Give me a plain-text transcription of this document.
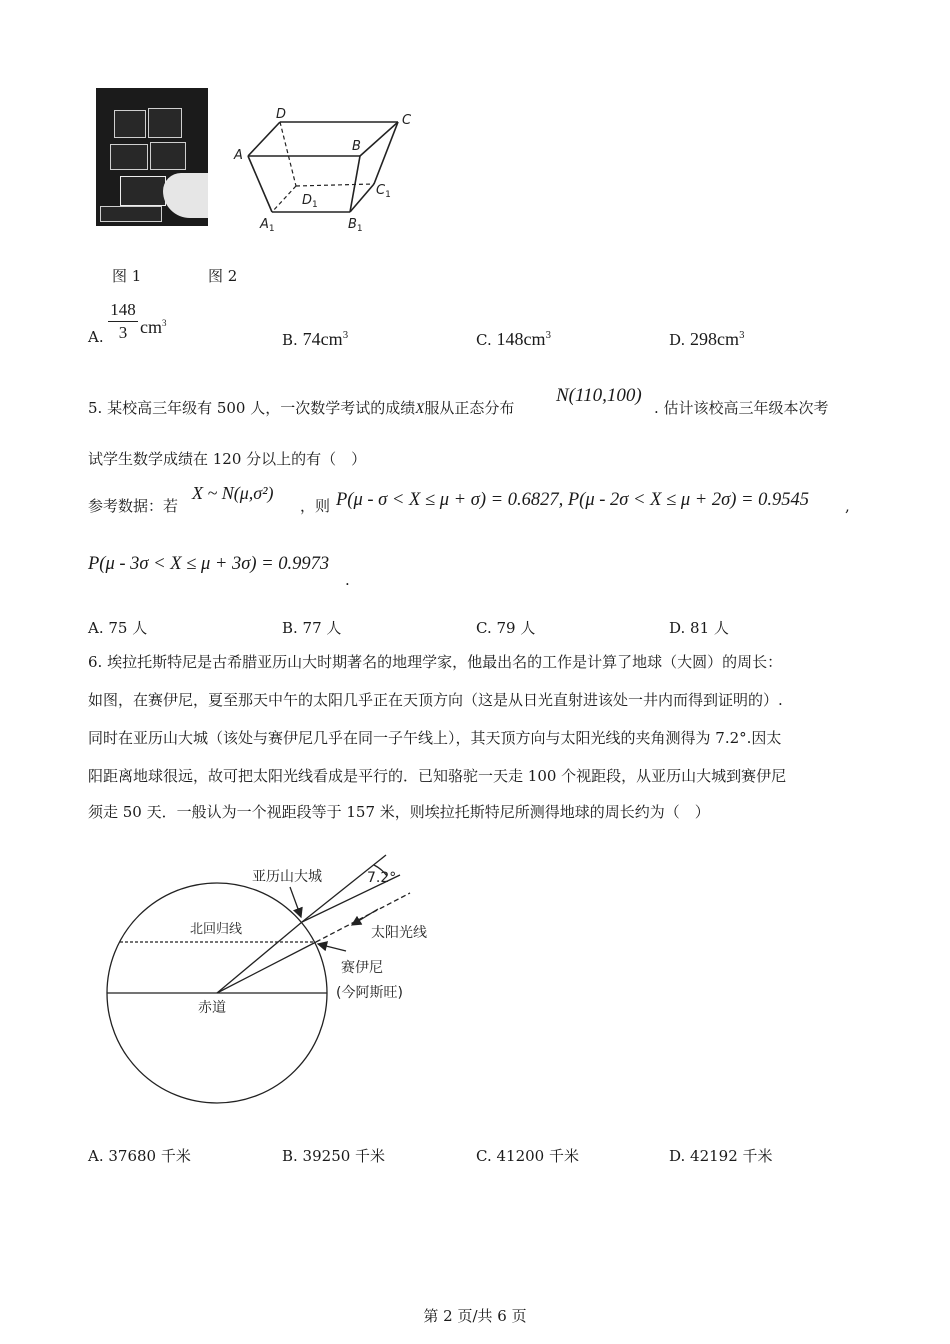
D	C
A
B
$C_1$
$D_1$
$A_1$	$B_1$
图 1	图 2
A.
148
3 $cm^3$
B. $74cm^3$	C. $148cm^3$	D. $298cm^3$
5. 某校高三年级有 500 人，一次数学考试的成绩X服从正态分布
N(110,100)
. 估计该校高三年级本次考
试学生数学成绩在 120 分以上的有（　）
参考数据：若
X ~ N(μ,σ²)
，则 P(μ - σ < X ≤ μ + σ) = 0.6827, P(μ - 2σ < X ≤ μ + 2σ) = 0.9545 ,
P(μ - 3σ < X ≤ μ + 3σ) = 0.9973
.
A. 75 人	B. 77 人	C. 79 人	D. 81 人
6. 埃拉托斯特尼是古希腊亚历山大时期著名的地理学家，他最出名的工作是计算了地球（大圆）的周长：
如图，在赛伊尼，夏至那天中午的太阳几乎正在天顶方向（这是从日光直射进该处一井内而得到证明的）.
同时在亚历山大城（该处与赛伊尼几乎在同一子午线上），其天顶方向与太阳光线的夹角测得为 7.2°.因太
阳距离地球很远，故可把太阳光线看成是平行的．已知骆驼一天走 100 个视距段，从亚历山大城到赛伊尼
须走 50 天．一般认为一个视距段等于 157 米，则埃拉托斯特尼所测得地球的周长约为（　）
亚历山大城	7.2°
北回归线	太阳光线
赛伊尼
(今阿斯旺)
赤道
A. 37680 千米	B. 39250 千米	C. 41200 千米	D. 42192 千米
第 2 页/共 6 页
